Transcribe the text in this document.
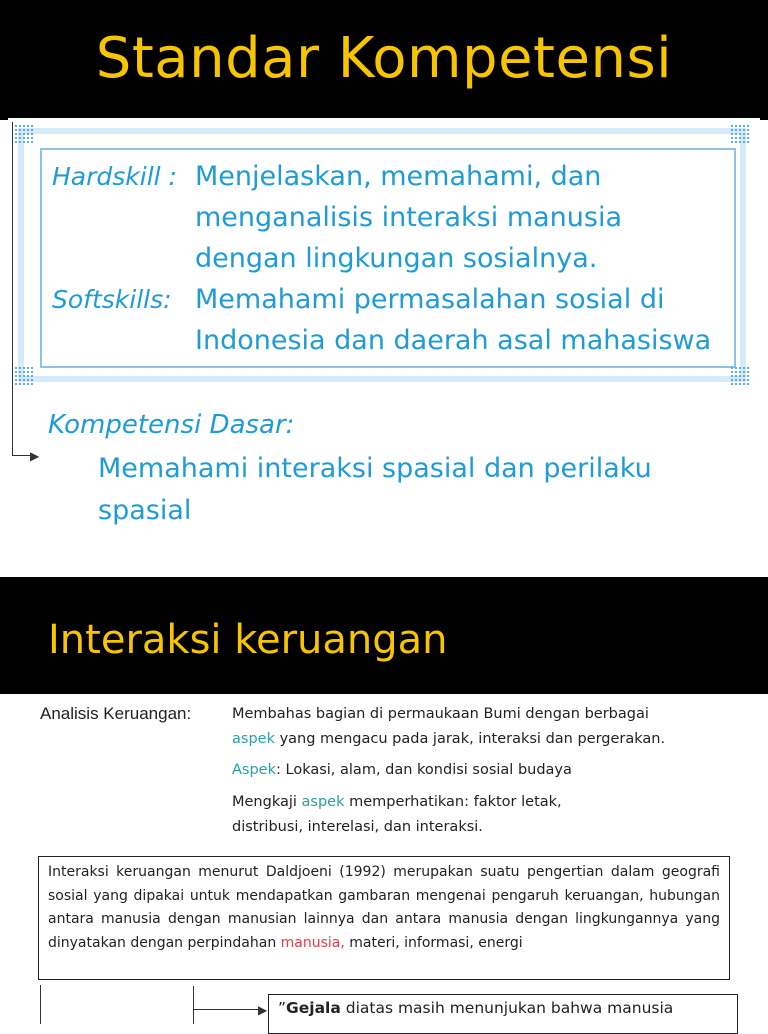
Standar Kompetensi
▶
Hardskill : Menjelaskan, memahami, dan
menganalisis interaksi manusia
dengan lingkungan sosialnya.
Softskills: Memahami permasalahan sosial di
Indonesia dan daerah asal mahasiswa
Kompetensi Dasar:
Memahami interaksi spasial dan perilaku
spasial
Interaksi keruangan
Analisis Keruangan:	Membahas bagian di permaukaan Bumi dengan berbagai
aspek yang mengacu pada jarak, interaksi dan pergerakan.
Aspek: Lokasi, alam, dan kondisi sosial budaya
Mengkaji aspek memperhatikan: faktor letak,
distribusi, interelasi, dan interaksi.
Interaksi keruangan menurut Daldjoeni (1992) merupakan suatu pengertian dalam geografi sosial yang dipakai untuk mendapatkan gambaran mengenai pengaruh keruangan, hubungan antara manusia dengan manusian lainnya dan antara manusia dengan lingkungannya yang dinyatakan dengan perpindahan manusia, materi, informasi, energi
▶ ”Gejala diatas masih menunjukan bahwa manusia
